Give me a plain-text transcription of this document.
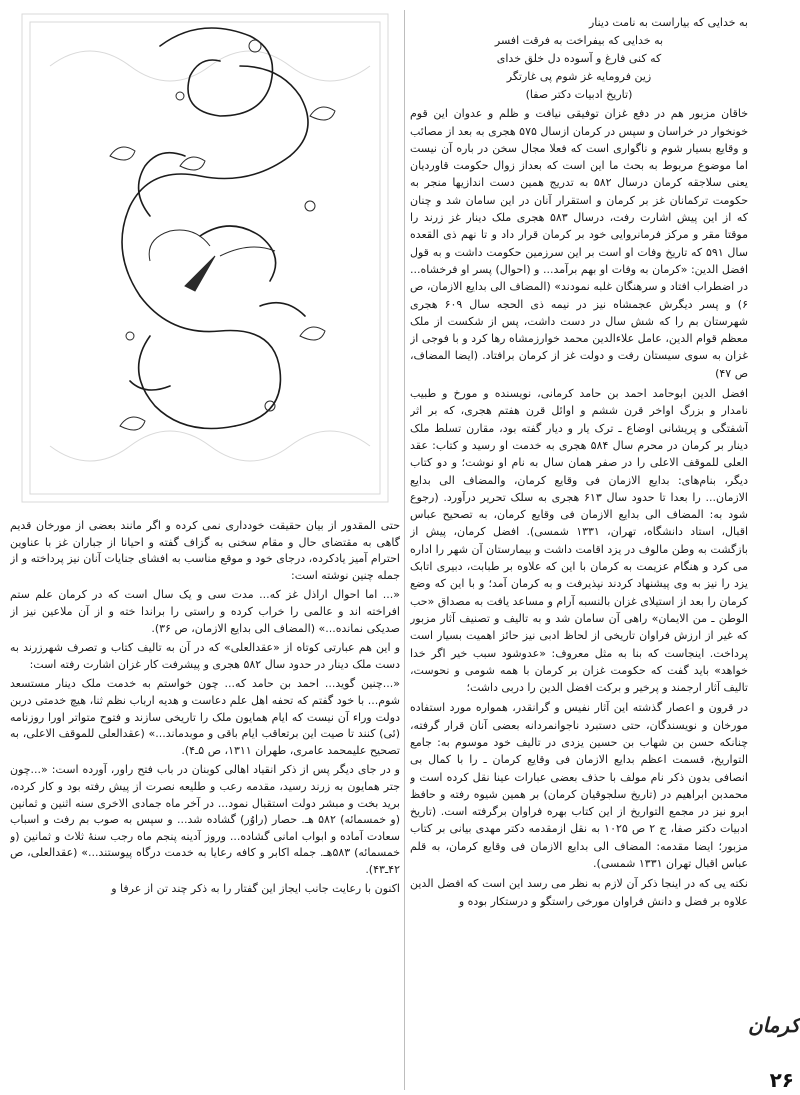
به خدایی که بیاراست به نامت دینار

به خدایی که بیفراخت به فرقت افسر

که کنی فارغ و آسوده دل خلق خدای

زین فرومایه غز شوم پی غارتگر

(تاریخ ادبیات دکتر صفا)

خاقان مزبور هم در دفع غزان توفیقی نیافت و ظلم و عدوان این قوم خونخوار در خراسان و سپس در کرمان ازسال ۵۷۵ هجری به بعد از مصائب و وقایع بسیار شوم و ناگواری است که فعلا مجال سخن در باره آن نیست اما موضوع مربوط به بحث ما این است که بعداز زوال حکومت قاوردیان یعنی سلاجقه کرمان درسال ۵۸۲ به تدریج همین دست اندازیها منجر به حکومت ترکمانان غز بر کرمان و استقرار آنان در این سامان شد و چنان که از این پیش اشارت رفت، درسال ۵۸۳ هجری ملک دینار غز زرند را موقتا مقر و مرکز فرمانروایی خود بر کرمان قرار داد و تا نهم ذی القعده سال ۵۹۱ که تاریخ وفات او است بر این سرزمین حکومت داشت و به قول افضل الدین: «کرمان به وفات او بهم برآمد... و (احوال) پسر او فرخشاه... در اضطراب افتاد و سرهنگان غلبه نمودند» (المضاف الی بدایع الازمان، ص ۶) و پسر دیگرش عجمشاه نیز در نیمه ذی الحجه سال ۶۰۹ هجری شهرستان بم را که شش سال در دست داشت، پس از شکست از ملک معظم قوام الدین، عامل علاءالدین محمد خوارزمشاه رها کرد و با فوجی از غزان به سوی سیستان رفت و دولت غز از کرمان برافتاد. (ایضا المضاف، ص ۴۷)

افضل الدین ابوحامد احمد بن حامد کرمانی، نویسنده و مورخ و طبیب نامدار و بزرگ اواخر قرن ششم و اوائل قرن هفتم هجری، که بر اثر آشفتگی و پریشانی اوضاع ـ ترک یار و دیار گفته بود، مقارن تسلط ملک دینار بر کرمان در محرم سال ۵۸۴ هجری به خدمت او رسید و کتاب: عقد العلی للموقف الاعلی را در صفر همان سال به نام او نوشت؛ و دو کتاب دیگر، بنام‌های: بدایع الازمان فی وقایع کرمان، والمضاف الی بدایع الازمان... را بعدا تا حدود سال ۶۱۳ هجری به سلک تحریر درآورد. (رجوع شود به: المضاف الی بدایع الازمان فی وقایع کرمان، به تصحیح عباس اقبال، استاد دانشگاه، تهران، ۱۳۳۱ شمسی). افضل کرمان، پیش از بازگشت به وطن مالوف در یزد اقامت داشت و بیمارستان آن شهر را اداره می کرد و هنگام عزیمت به کرمان با این که علاوه بر طبابت، دبیری اتابک یزد را نیز به وی پیشنهاد کردند نپذیرفت و به کرمان آمد؛ و با این که وضع کرمان را بعد از استیلای غزان بالنسبه آرام و مساعد یافت به مصداق «حب الوطن ـ من الایمان» راهی آن سامان شد و به تالیف و تصنیف آثار مزبور که غیر از ارزش فراوان تاریخی از لحاظ ادبی نیز حائز اهمیت بسیار است پرداخت. اینجاست که بنا به مثل معروف: «عدوشود سبب خیر اگر خدا خواهد» باید گفت که حکومت غزان بر کرمان با همه شومی و نحوست، تالیف آثار ارجمند و پرخیر و برکت افضل الدین را دربی داشت؛

در قرون و اعصار گذشته این آثار نفیس و گرانقدر، همواره مورد استفاده مورخان و نویسندگان، حتی دستبرد ناجوانمردانه بعضی آنان قرار گرفته، چنانکه حسن بن شهاب بن حسین یزدی در تالیف خود موسوم به: جامع التواریخ، قسمت اعظم بدایع الازمان فی وقایع کرمان ـ را با کمال بی انصافی بدون ذکر نام مولف با حذف بعضی عبارات عینا نقل کرده است و محمدبن ابراهیم در (تاریخ سلجوقیان کرمان) بر همین شیوه رفته و حافظ ابرو نیز در مجمع التواریخ از این کتاب بهره فراوان برگرفته است. (تاریخ ادبیات دکتر صفا، ج ۲ ص ۱۰۲۵ به نقل ازمقدمه دکتر مهدی بیانی بر کتاب مزبور؛ ایضا مقدمه: المضاف الی بدایع الازمان فی وقایع کرمان، به قلم عباس اقبال تهران ۱۳۳۱ شمسی).

نکته یی که در اینجا ذکر آن لازم به نظر می رسد این است که افضل الدین علاوه بر فضل و دانش فراوان مورخی راستگو و درستکار بوده و

حتی المقدور از بیان حقیقت خودداری نمی کرده و اگر مانند بعضی از مورخان قدیم گاهی به مقتضای حال و مقام سخنی به گزاف گفته و احیانا از جباران غز با عناوین احترام آمیز یادکرده، درجای خود و موقع مناسب به افشای جنایات آنان نیز پرداخته و از جمله چنین نوشته است:

«... اما احوال اراذل غز که... مدت سی و یک سال است که در کرمان علم ستم افراخته اند و عالمی را خراب کرده و راستی را براندا خته و از آن ملاعین نیز از صدیکی نمانده...» (المضاف الی بدایع الازمان، ص ۳۶).

و این هم عبارتی کوتاه از «عقدالعلی» که در آن به تالیف کتاب و تصرف شهرزرند به دست ملک دینار در حدود سال ۵۸۲ هجری و پیشرفت کار غزان اشارت رفته است:

«...چنین گوید... احمد بن حامد که... چون خواستم به خدمت ملک دینار مستسعد شوم... با خود گفتم که تحفه اهل علم دعاست و هدیه ارباب نظم ثنا، هیچ خدمتی دربن دولت وراء آن نیست که ایام همایون ملک را تاریخی سازند و فتوح متواتر اورا روزنامه (ئی) کنند تا صیت این برتعاقب ایام باقی و موبدماند...» (عقدالعلی للموقف الاعلی، به تصحیح علیمحمد عامری، طهران ۱۳۱۱، ص ۵ـ۴).

و در جای دیگر پس از ذکر انقیاد اهالی کوبنان در باب فتح راور، آورده است: «...چون جتر همایون به زرند رسید، مقدمه رعب و طلیعه نصرت از پیش رفته بود و کار کرده، برید بخت و مبشر دولت استقبال نمود... در آخر ماه جمادی الاخری سنه اثنین و ثمانین (و خمسمائه) ۵۸۲ هـ. حصار (راوُر) گشاده شد... و سپس به صوب بم رفت و اسباب سعادت آماده و ابواب امانی گشاده... وروز آدینه پنجم ماه رجب سنهٔ ثلاث و ثمانین (و خمسمائه) ۵۸۳هـ. جمله اکابر و کافه رعایا به خدمت درگاه پیوستند...» (عقدالعلی، ص ۴۲ـ۴۳).

اکنون با رعایت جانب ایجاز این گفتار را به ذکر چند تن از عرفا و

کرمان
۲۶
